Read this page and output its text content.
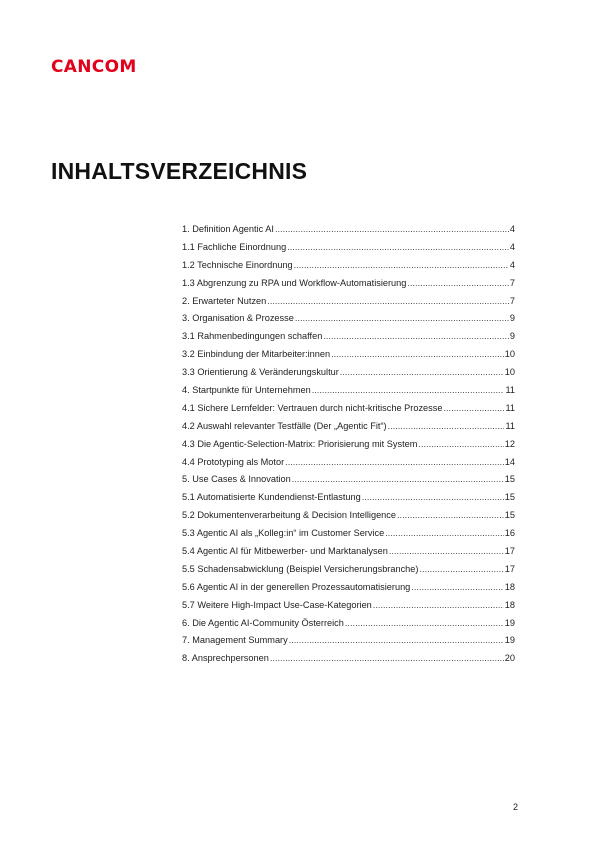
CANCOM
INHALTSVERZEICHNIS
1. Definition Agentic AI .....	4
1.1 Fachliche Einordnung .....	4
1.2 Technische Einordnung .....	4
1.3 Abgrenzung zu RPA und Workflow-Automatisierung .....	7
2. Erwarteter Nutzen .....	7
3. Organisation & Prozesse .....	9
3.1 Rahmenbedingungen schaffen .....	9
3.2 Einbindung der Mitarbeiter:innen .....	10
3.3 Orientierung & Veränderungskultur .....	10
4. Startpunkte für Unternehmen .....	11
4.1 Sichere Lernfelder: Vertrauen durch nicht-kritische Prozesse .....	11
4.2 Auswahl relevanter Testfälle (Der „Agentic Fit“) .....	11
4.3 Die Agentic-Selection-Matrix: Priorisierung mit System .....	12
4.4 Prototyping als Motor .....	14
5. Use Cases & Innovation .....	15
5.1 Automatisierte Kundendienst-Entlastung .....	15
5.2 Dokumentenverarbeitung & Decision Intelligence .....	15
5.3 Agentic AI als „Kolleg:in“ im Customer Service .....	16
5.4 Agentic AI für Mitbewerber- und Marktanalysen .....	17
5.5 Schadensabwicklung (Beispiel Versicherungsbranche) .....	17
5.6 Agentic AI in der generellen Prozessautomatisierung .....	18
5.7 Weitere High-Impact Use-Case-Kategorien .....	18
6. Die Agentic AI-Community Österreich .....	19
7. Management Summary .....	19
8. Ansprechpersonen .....	20
2
